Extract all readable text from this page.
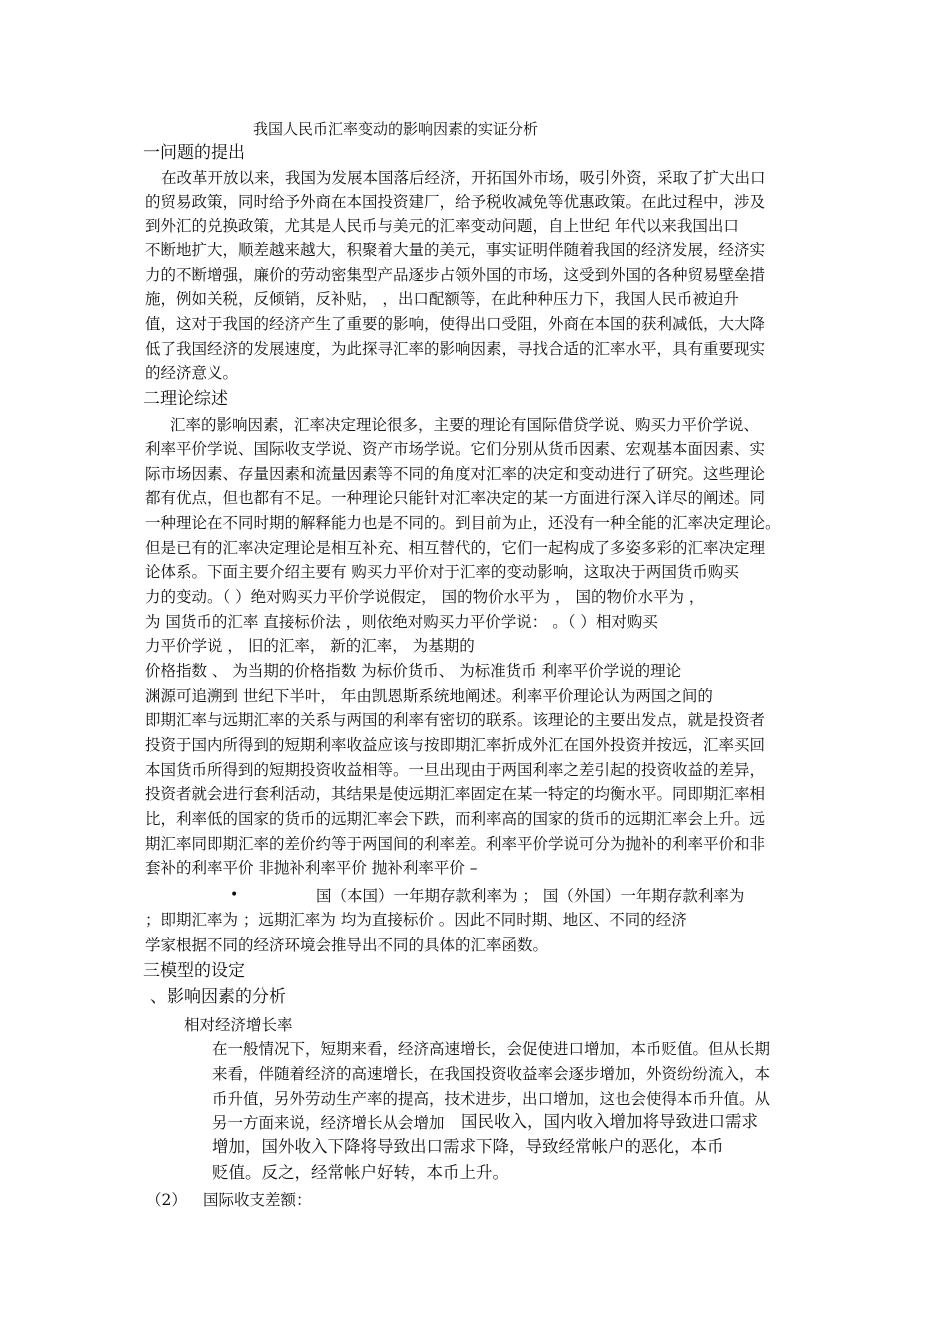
我国人民币汇率变动的影响因素的实证分析
一问题的提出
在改革开放以来，我国为发展本国落后经济，开拓国外市场，吸引外资，采取了扩大出口
的贸易政策，同时给予外商在本国投资建厂，给予税收减免等优惠政策。在此过程中，涉及
到外汇的兑换政策，尤其是人民币与美元的汇率变动问题，自上世纪 年代以来我国出口
不断地扩大，顺差越来越大，积聚着大量的美元，事实证明伴随着我国的经济发展，经济实
力的不断增强，廉价的劳动密集型产品逐步占领外国的市场，这受到外国的各种贸易壁垒措
施，例如关税，反倾销，反补贴， ，出口配额等，在此种种压力下，我国人民币被迫升
值，这对于我国的经济产生了重要的影响，使得出口受阻，外商在本国的获利减低，大大降
低了我国经济的发展速度，为此探寻汇率的影响因素，寻找合适的汇率水平，具有重要现实
的经济意义。
二理论综述
汇率的影响因素，汇率决定理论很多，主要的理论有国际借贷学说、购买力平价学说、
利率平价学说、国际收支学说、资产市场学说。它们分别从货币因素、宏观基本面因素、实
际市场因素、存量因素和流量因素等不同的角度对汇率的决定和变动进行了研究。这些理论
都有优点，但也都有不足。一种理论只能针对汇率决定的某一方面进行深入详尽的阐述。同
一种理论在不同时期的解释能力也是不同的。到目前为止，还没有一种全能的汇率决定理论。
但是已有的汇率决定理论是相互补充、相互替代的，它们一起构成了多姿多彩的汇率决定理
论体系。下面主要介绍主要有 购买力平价对于汇率的变动影响，这取决于两国货币购买
力的变动。（ ）绝对购买力平价学说假定， 国的物价水平为 ， 国的物价水平为 ，
为 国货币的汇率 直接标价法 ，则依绝对购买力平价学说： 。（ ）相对购买
力平价学说 ， 旧的汇率， 新的汇率， 为基期的
价格指数 、 为当期的价格指数 为标价货币、 为标准货币 利率平价学说的理论
渊源可追溯到 世纪下半叶， 年由凯恩斯系统地阐述。利率平价理论认为两国之间的
即期汇率与远期汇率的关系与两国的利率有密切的联系。该理论的主要出发点，就是投资者
投资于国内所得到的短期利率收益应该与按即期汇率折成外汇在国外投资并按远，汇率买回
本国货币所得到的短期投资收益相等。一旦出现由于两国利率之差引起的投资收益的差异，
投资者就会进行套利活动，其结果是使远期汇率固定在某一特定的均衡水平。同即期汇率相
比，利率低的国家的货币的远期汇率会下跌，而利率高的国家的货币的远期汇率会上升。远
期汇率同即期汇率的差价约等于两国间的利率差。利率平价学说可分为抛补的利率平价和非
套补的利率平价 非抛补利率平价 抛补利率平价 –
•	国（本国）一年期存款利率为 ； 国（外国）一年期存款利率为
；即期汇率为 ；远期汇率为 均为直接标价 。因此不同时期、地区、不同的经济
学家根据不同的经济环境会推导出不同的具体的汇率函数。
三模型的设定
、影响因素的分析
相对经济增长率
在一般情况下，短期来看，经济高速增长，会促使进口增加，本币贬值。但从长期
来看，伴随着经济的高速增长，在我国投资收益率会逐步增加，外资纷纷流入，本
币升值，另外劳动生产率的提高，技术进步，出口增加，这也会使得本币升值。从
另一方面来说，经济增长从会增加 国民收入，国内收入增加将导致进口需求
增加，国外收入下降将导致出口需求下降，导致经常帐户的恶化，本币
贬值。反之，经常帐户好转，本币上升。
（2） 国际收支差额：
